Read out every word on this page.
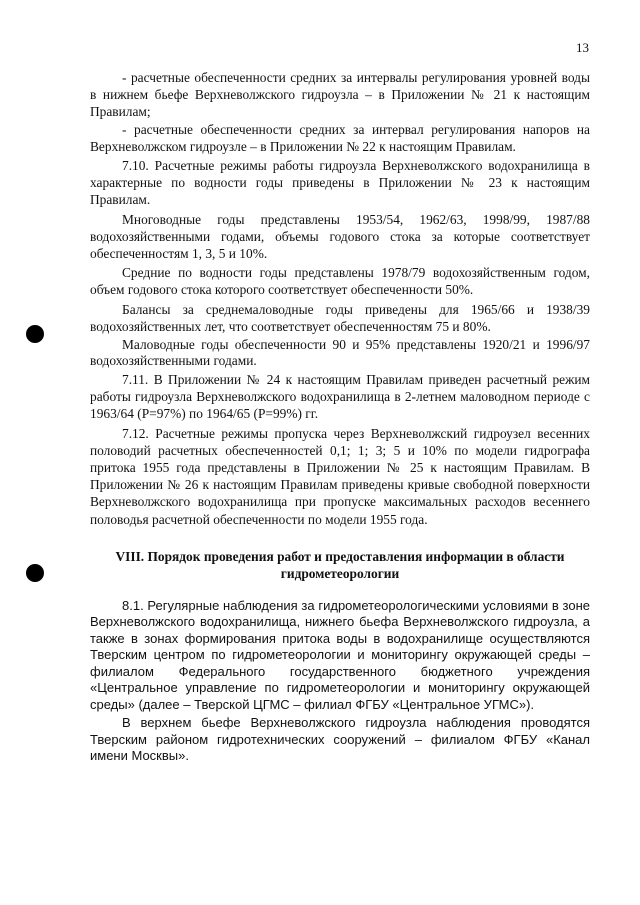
13

- расчетные обеспеченности средних за интервалы регулирования уровней воды в нижнем бьефе Верхневолжского гидроузла – в Приложении № 21 к настоящим Правилам;

- расчетные обеспеченности средних за интервал регулирования напоров на Верхневолжском гидроузле – в Приложении № 22 к настоящим Правилам.

7.10. Расчетные режимы работы гидроузла Верхневолжского водохранилища в характерные по водности годы приведены в Приложении № 23 к настоящим Правилам.

Многоводные годы представлены 1953/54, 1962/63, 1998/99, 1987/88 водохозяйственными годами, объемы годового стока за которые соответствует обеспеченностям 1, 3, 5 и 10%.

Средние по водности годы представлены 1978/79 водохозяйственным годом, объем годового стока которого соответствует обеспеченности 50%.

Балансы за среднемаловодные годы приведены для 1965/66 и 1938/39 водохозяйственных лет, что соответствует обеспеченностям 75 и 80%.

Маловодные годы обеспеченности 90 и 95% представлены 1920/21 и 1996/97 водохозяйственными годами.

7.11. В Приложении № 24 к настоящим Правилам приведен расчетный режим работы гидроузла Верхневолжского водохранилища в 2-летнем маловодном периоде с 1963/64 (Р=97%) по 1964/65 (Р=99%) гг.

7.12. Расчетные режимы пропуска через Верхневолжский гидроузел весенних половодий расчетных обеспеченностей 0,1; 1; 3; 5 и 10% по модели гидрографа притока 1955 года представлены в Приложении № 25 к настоящим Правилам. В Приложении № 26 к настоящим Правилам приведены кривые свободной поверхности Верхневолжского водохранилища при пропуске максимальных расходов весеннего половодья расчетной обеспеченности по модели 1955 года.

VIII. Порядок проведения работ и предоставления информации в области гидрометеорологии

8.1. Регулярные наблюдения за гидрометеорологическими условиями в зоне Верхневолжского водохранилища, нижнего бьефа Верхневолжского гидроузла, а также в зонах формирования притока воды в водохранилище осуществляются Тверским центром по гидрометеорологии и мониторингу окружающей среды – филиалом Федерального государственного бюджетного учреждения «Центральное управление по гидрометеорологии и мониторингу окружающей среды» (далее – Тверской ЦГМС – филиал ФГБУ «Центральное УГМС»).

В верхнем бьефе Верхневолжского гидроузла наблюдения проводятся Тверским районом гидротехнических сооружений – филиалом ФГБУ «Канал имени Москвы».
